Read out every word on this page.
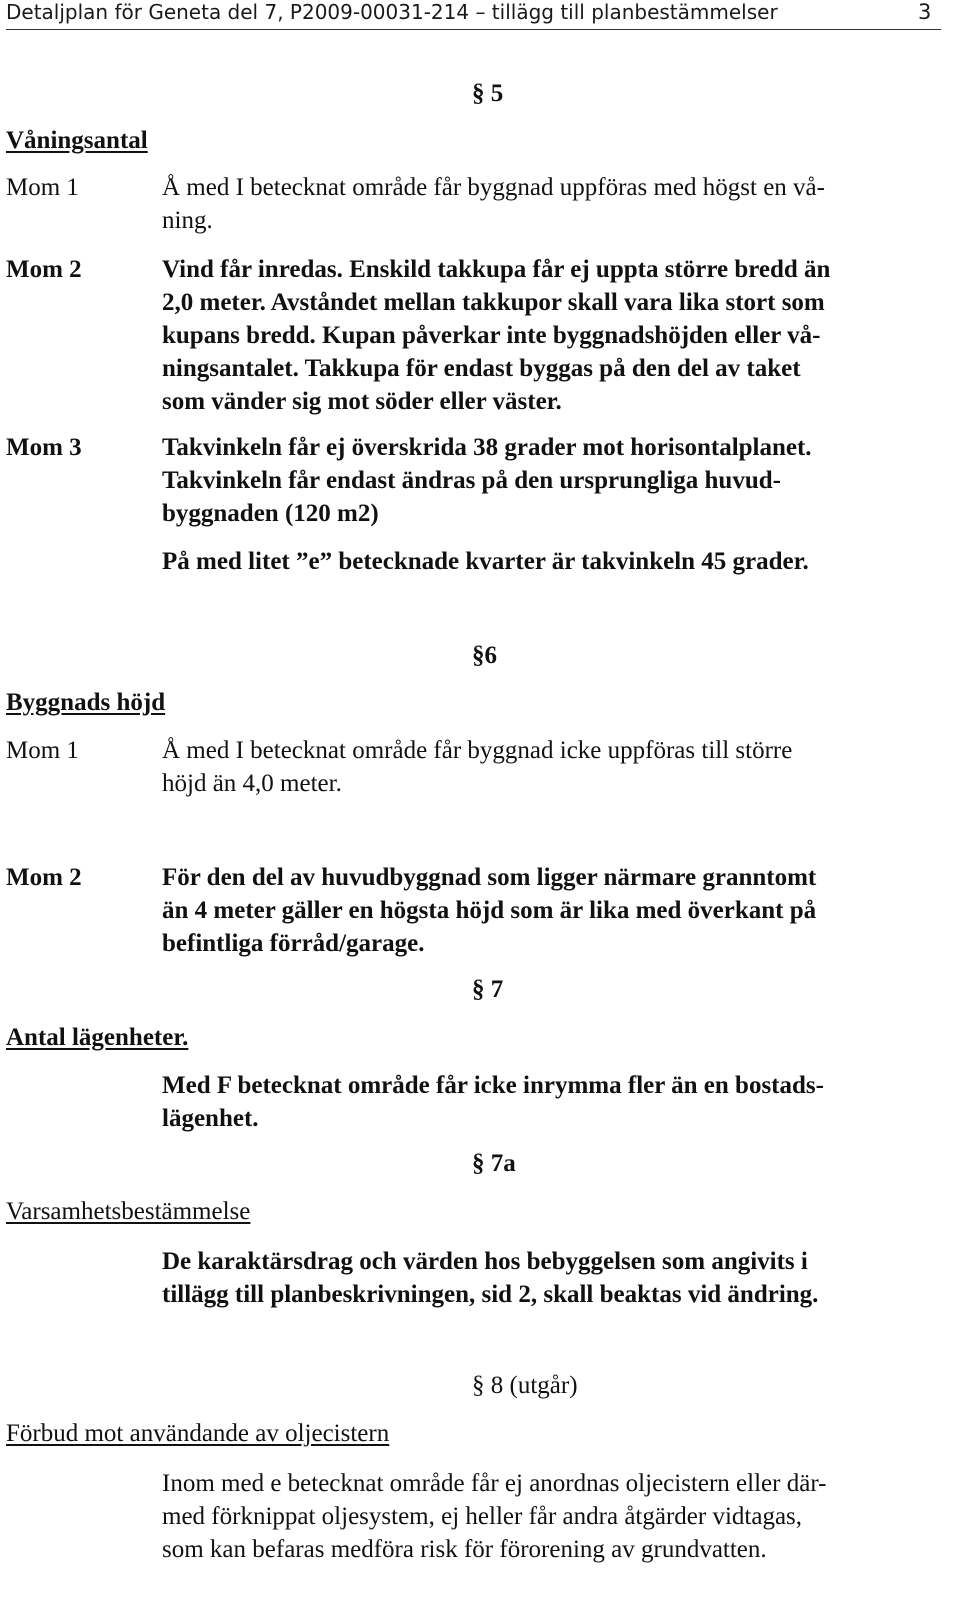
Detaljplan för Geneta del 7, P2009-00031-214 – tillägg till planbestämmelser	3
§ 5
Våningsantal
Mom 1	Å med I betecknat område får byggnad uppföras med högst en vå-
ning.
Mom 2	Vind får inredas. Enskild takkupa får ej uppta större bredd än
2,0 meter. Avståndet mellan takkupor skall vara lika stort som
kupans bredd. Kupan påverkar inte byggnadshöjden eller vå-
ningsantalet. Takkupa för endast byggas på den del av taket
som vänder sig mot söder eller väster.
Mom 3	Takvinkeln får ej överskrida 38 grader mot horisontalplanet.
Takvinkeln får endast ändras på den ursprungliga huvud-
byggnaden (120 m2)
På med litet ”e” betecknade kvarter är takvinkeln 45 grader.
§6
Byggnads höjd
Mom 1	Å med I betecknat område får byggnad icke uppföras till större
höjd än 4,0 meter.
Mom 2	För den del av huvudbyggnad som ligger närmare granntomt
än 4 meter gäller en högsta höjd som är lika med överkant på
befintliga förråd/garage.
§ 7
Antal lägenheter.
Med F betecknat område får icke inrymma fler än en bostads-
lägenhet.
§ 7a
Varsamhetsbestämmelse
De karaktärsdrag och värden hos bebyggelsen som angivits i
tillägg till planbeskrivningen, sid 2, skall beaktas vid ändring.
§ 8 (utgår)
Förbud mot användande av oljecistern
Inom med e betecknat område får ej anordnas oljecistern eller där-
med förknippat oljesystem, ej heller får andra åtgärder vidtagas,
som kan befaras medföra risk för förorening av grundvatten.
